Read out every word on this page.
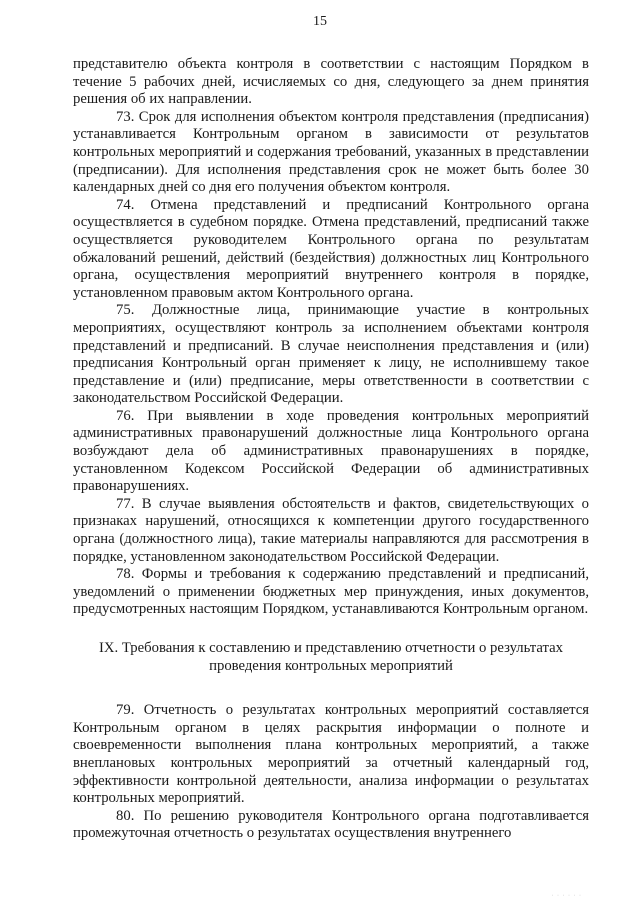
15

представителю объекта контроля в соответствии с настоящим Порядком в течение 5 рабочих дней, исчисляемых со дня, следующего за днем принятия решения об их направлении.

73. Срок для исполнения объектом контроля представления (предписания) устанавливается Контрольным органом в зависимости от результатов контрольных мероприятий и содержания требований, указанных в представлении (предписании). Для исполнения представления срок не может быть более 30 календарных дней со дня его получения объектом контроля.

74. Отмена представлений и предписаний Контрольного органа осуществляется в судебном порядке. Отмена представлений, предписаний также осуществляется руководителем Контрольного органа по результатам обжалований решений, действий (бездействия) должностных лиц Контрольного органа, осуществления мероприятий внутреннего контроля в порядке, установленном правовым актом Контрольного органа.

75. Должностные лица, принимающие участие в контрольных мероприятиях, осуществляют контроль за исполнением объектами контроля представлений и предписаний. В случае неисполнения представления и (или) предписания Контрольный орган применяет к лицу, не исполнившему такое представление и (или) предписание, меры ответственности в соответствии с законодательством Российской Федерации.

76. При выявлении в ходе проведения контрольных мероприятий административных правонарушений должностные лица Контрольного органа возбуждают дела об административных правонарушениях в порядке, установленном Кодексом Российской Федерации об административных правонарушениях.

77. В случае выявления обстоятельств и фактов, свидетельствующих о признаках нарушений, относящихся к компетенции другого государственного органа (должностного лица), такие материалы направляются для рассмотрения в порядке, установленном законодательством Российской Федерации.

78. Формы и требования к содержанию представлений и предписаний, уведомлений о применении бюджетных мер принуждения, иных документов, предусмотренных настоящим Порядком, устанавливаются Контрольным органом.

IX. Требования к составлению и представлению отчетности о результатах проведения контрольных мероприятий

79. Отчетность о результатах контрольных мероприятий составляется Контрольным органом в целях раскрытия информации о полноте и своевременности выполнения плана контрольных мероприятий, а также внеплановых контрольных мероприятий за отчетный календарный год, эффективности контрольной деятельности, анализа информации о результатах контрольных мероприятий.

80. По решению руководителя Контрольного органа подготавливается промежуточная отчетность о результатах осуществления внутреннего

· · · · · ·
